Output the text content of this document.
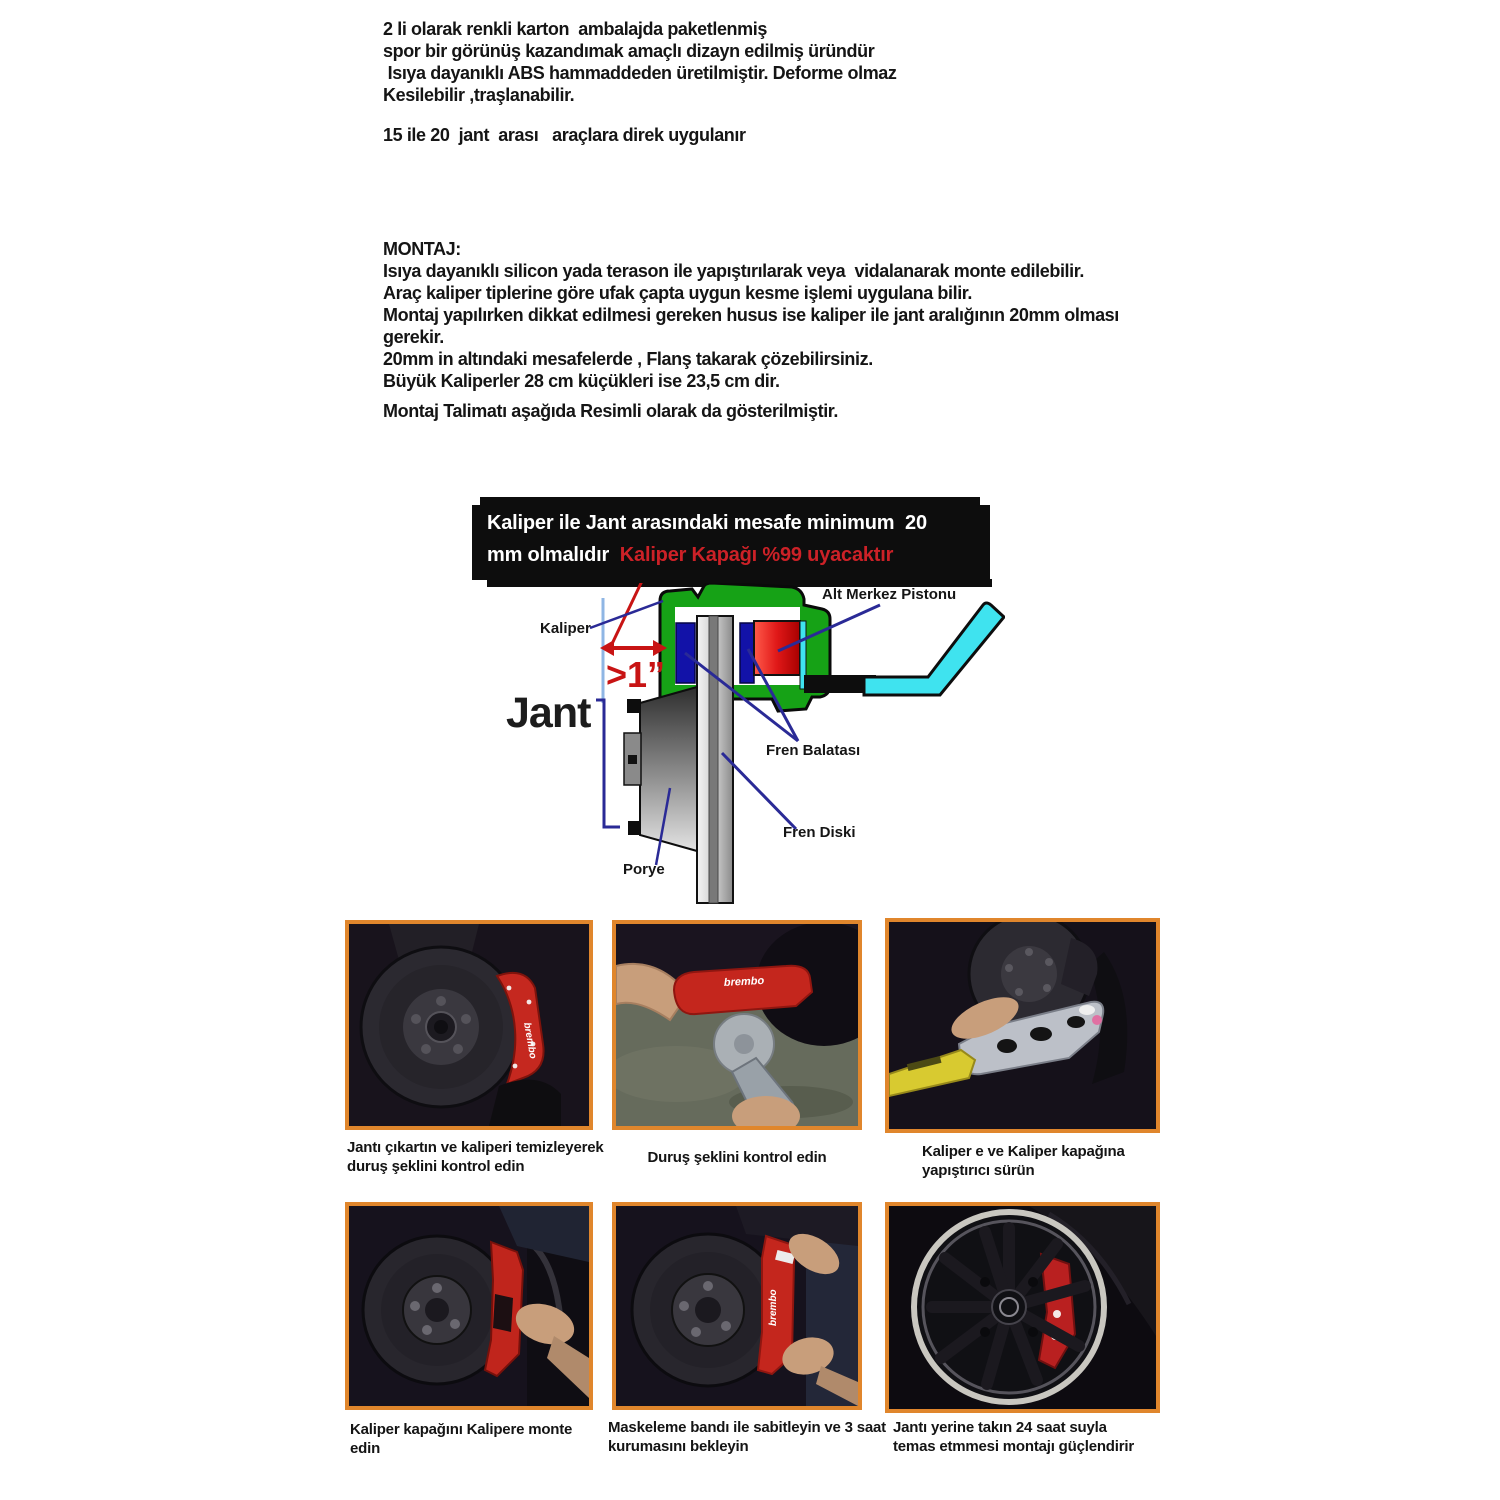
2 li olarak renkli karton  ambalajda paketlenmiş
spor bir görünüş kazandımak amaçlı dizayn edilmiş üründür
Isıya dayanıklı ABS hammaddeden üretilmiştir. Deforme olmaz
Kesilebilir ,traşlanabilir.
15 ile 20  jant  arası   araçlara direk uygulanır
MONTAJ:
Isıya dayanıklı silicon yada terason ile yapıştırılarak veya  vidalanarak monte edilebilir.
Araç kaliper tiplerine göre ufak çapta uygun kesme işlemi uygulana bilir.
Montaj yapılırken dikkat edilmesi gereken husus ise kaliper ile jant aralığının 20mm olması
gerekir.
20mm in altındaki mesafelerde , Flanş takarak çözebilirsiniz.
Büyük Kaliperler 28 cm küçükleri ise 23,5 cm dir.
Montaj Talimatı aşağıda Resimli olarak da gösterilmiştir.
Kaliper ile Jant arasındaki mesafe minimum  20
mm olmalıdır  Kaliper Kapağı %99 uyacaktır
>1”
Kaliper
Jant
Alt Merkez Pistonu
Fren Balatası
Fren Diski
Porye
brembo
brembo
Jantı çıkartın ve kaliperi temizleyerek duruş şeklini kontrol edin
Duruş şeklini kontrol edin	Kaliper e ve Kaliper kapağına yapıştırıcı sürün
brembo
Kaliper kapağını Kalipere monte edin
Maskeleme bandı ile sabitleyin ve 3 saat kurumasını bekleyin
Jantı yerine takın 24 saat suyla temas etmmesi montajı güçlendirir
